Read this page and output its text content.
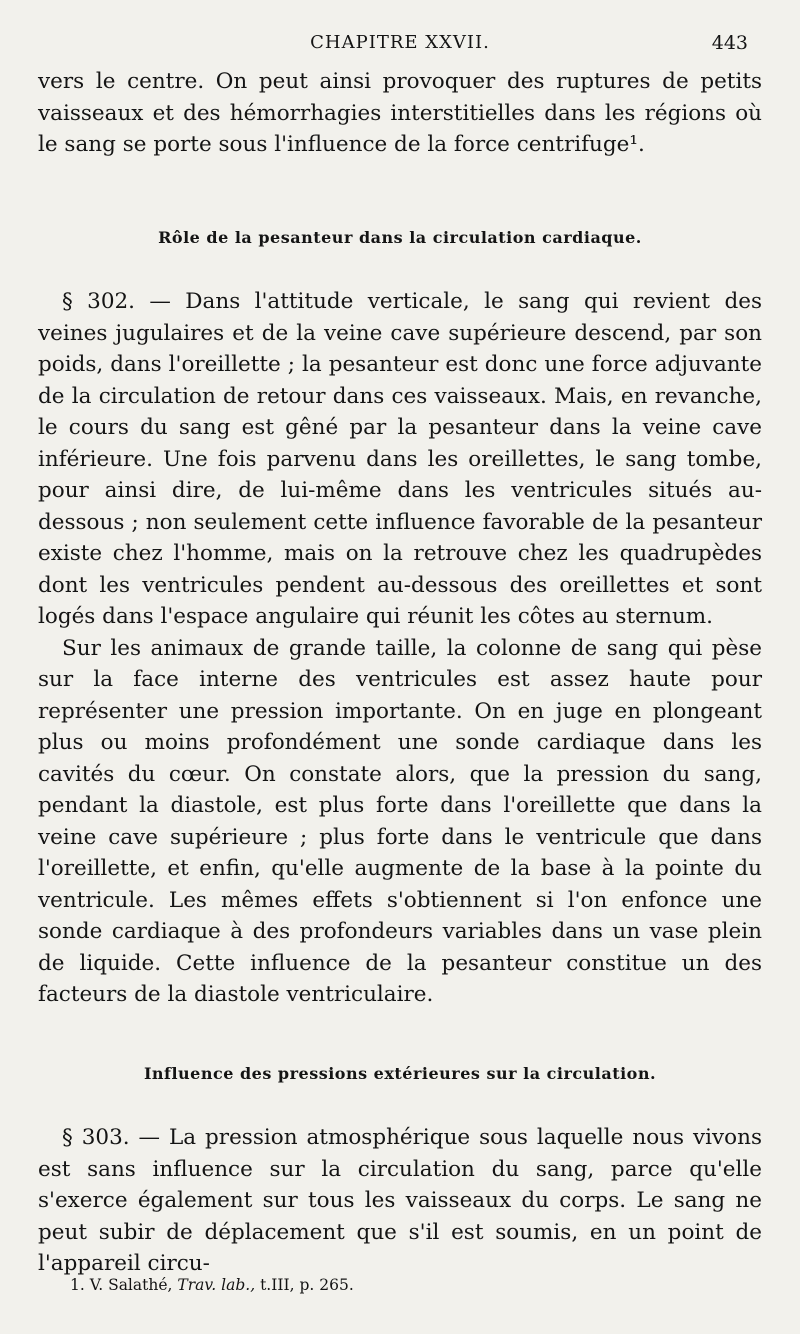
CHAPITRE XXVII.	443

vers le centre. On peut ainsi provoquer des ruptures de petits vaisseaux et des hémorrhagies interstitielles dans les régions où le sang se porte sous l'influence de la force centrifuge¹.

Rôle de la pesanteur dans la circulation cardiaque.

§ 302. — Dans l'attitude verticale, le sang qui revient des veines jugulaires et de la veine cave supérieure descend, par son poids, dans l'oreillette ; la pesanteur est donc une force adjuvante de la circulation de retour dans ces vaisseaux. Mais, en revanche, le cours du sang est gêné par la pesanteur dans la veine cave inférieure. Une fois parvenu dans les oreillettes, le sang tombe, pour ainsi dire, de lui-même dans les ventricules situés au-dessous ; non seulement cette influence favorable de la pesanteur existe chez l'homme, mais on la retrouve chez les quadrupèdes dont les ventricules pendent au-dessous des oreillettes et sont logés dans l'espace angulaire qui réunit les côtes au sternum.

Sur les animaux de grande taille, la colonne de sang qui pèse sur la face interne des ventricules est assez haute pour représenter une pression importante. On en juge en plongeant plus ou moins profondément une sonde cardiaque dans les cavités du cœur. On constate alors, que la pression du sang, pendant la diastole, est plus forte dans l'oreillette que dans la veine cave supérieure ; plus forte dans le ventricule que dans l'oreillette, et enfin, qu'elle augmente de la base à la pointe du ventricule. Les mêmes effets s'obtiennent si l'on enfonce une sonde cardiaque à des profondeurs variables dans un vase plein de liquide. Cette influence de la pesanteur constitue un des facteurs de la diastole ventriculaire.

Influence des pressions extérieures sur la circulation.

§ 303. — La pression atmosphérique sous laquelle nous vivons est sans influence sur la circulation du sang, parce qu'elle s'exerce également sur tous les vaisseaux du corps. Le sang ne peut subir de déplacement que s'il est soumis, en un point de l'appareil circu-

1. V. Salathé, Trav. lab., t.III, p. 265.
